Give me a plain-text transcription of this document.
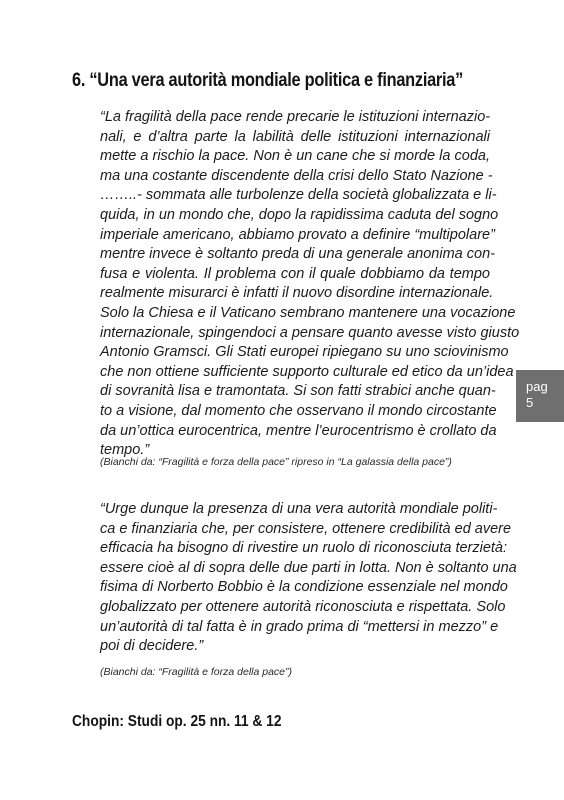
6. “Una vera autorità mondiale politica e finanziaria”
“La fragilità della pace rende precarie le istituzioni internazio-
nali, e d’altra parte la labilità delle istituzioni internazionali
mette a rischio la pace. Non è un cane che si morde la coda,
ma una costante discendente della crisi dello Stato Nazione -
……..- sommata alle turbolenze della società globalizzata e li-
quida, in un mondo che, dopo la rapidissima caduta del sogno
imperiale americano, abbiamo provato a definire “multipolare”
mentre invece è soltanto preda di una generale anonima con-
fusa e violenta. Il problema con il quale dobbiamo da tempo
realmente misurarci è infatti il nuovo disordine internazionale.
Solo la Chiesa e il Vaticano sembrano mantenere una vocazione
internazionale, spingendoci a pensare quanto avesse visto giusto
Antonio Gramsci. Gli Stati europei ripiegano su uno sciovinismo
che non ottiene sufficiente supporto culturale ed etico da un’idea
di sovranità lisa e tramontata. Si son fatti strabici anche quan-
to a visione, dal momento che osservano il mondo circostante
da un’ottica eurocentrica, mentre l’eurocentrismo è crollato da
tempo.”

(Bianchi da: “Fragilità e forza della pace” ripreso in “La galassia della pace”)

“Urge dunque la presenza di una vera autorità mondiale politi-
ca e finanziaria che, per consistere, ottenere credibilità ed avere
efficacia ha bisogno di rivestire un ruolo di riconosciuta terzietà:
essere cioè al di sopra delle due parti in lotta. Non è soltanto una
fisima di Norberto Bobbio è la condizione essenziale nel mondo
globalizzato per ottenere autorità riconosciuta e rispettata. Solo
un’autorità di tal fatta è in grado prima di “mettersi in mezzo” e
poi di decidere.”

(Bianchi da: “Fragilità e forza della pace”)

Chopin: Studi op. 25 nn. 11 & 12
pag
5
